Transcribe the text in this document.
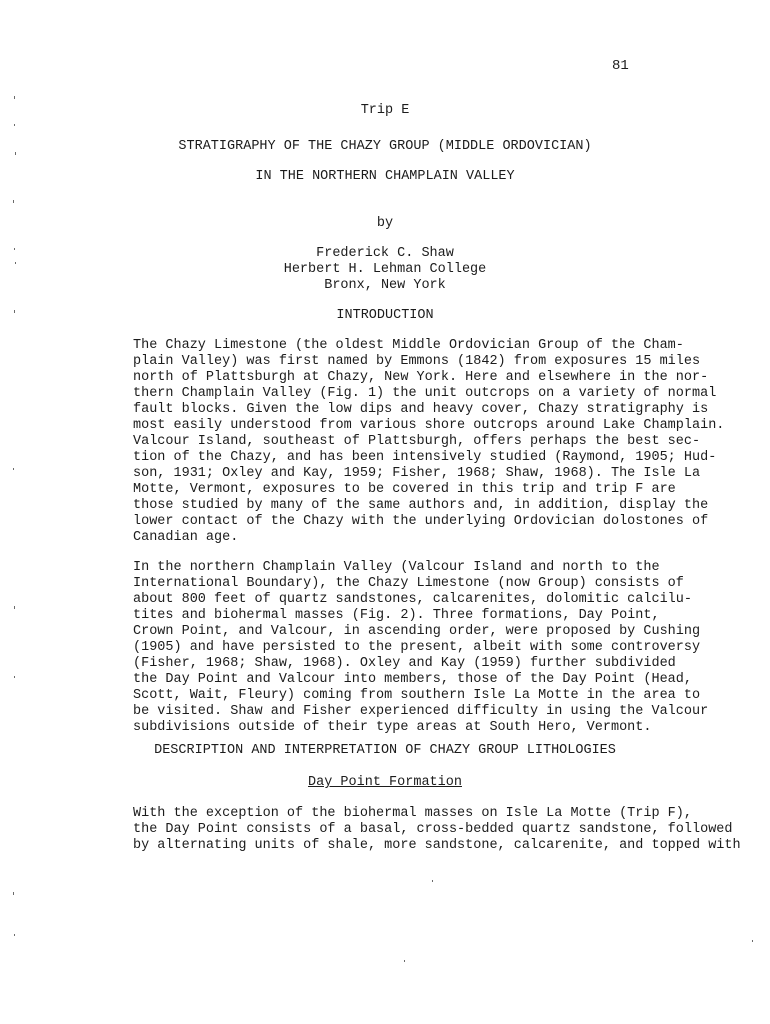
81
Trip E
STRATIGRAPHY OF THE CHAZY GROUP (MIDDLE ORDOVICIAN)
IN THE NORTHERN CHAMPLAIN VALLEY
by
Frederick C. Shaw
Herbert H. Lehman College
Bronx, New York
INTRODUCTION
The Chazy Limestone (the oldest Middle Ordovician Group of the Cham-
plain Valley) was first named by Emmons (1842) from exposures 15 miles
north of Plattsburgh at Chazy, New York. Here and elsewhere in the nor-
thern Champlain Valley (Fig. 1) the unit outcrops on a variety of normal
fault blocks. Given the low dips and heavy cover, Chazy stratigraphy is
most easily understood from various shore outcrops around Lake Champlain.
Valcour Island, southeast of Plattsburgh, offers perhaps the best sec-
tion of the Chazy, and has been intensively studied (Raymond, 1905; Hud-
son, 1931; Oxley and Kay, 1959; Fisher, 1968; Shaw, 1968). The Isle La
Motte, Vermont, exposures to be covered in this trip and trip F are
those studied by many of the same authors and, in addition, display the
lower contact of the Chazy with the underlying Ordovician dolostones of
Canadian age.
In the northern Champlain Valley (Valcour Island and north to the
International Boundary), the Chazy Limestone (now Group) consists of
about 800 feet of quartz sandstones, calcarenites, dolomitic calcilu-
tites and biohermal masses (Fig. 2). Three formations, Day Point,
Crown Point, and Valcour, in ascending order, were proposed by Cushing
(1905) and have persisted to the present, albeit with some controversy
(Fisher, 1968; Shaw, 1968). Oxley and Kay (1959) further subdivided
the Day Point and Valcour into members, those of the Day Point (Head,
Scott, Wait, Fleury) coming from southern Isle La Motte in the area to
be visited. Shaw and Fisher experienced difficulty in using the Valcour
subdivisions outside of their type areas at South Hero, Vermont.
DESCRIPTION AND INTERPRETATION OF CHAZY GROUP LITHOLOGIES
Day Point Formation
With the exception of the biohermal masses on Isle La Motte (Trip F),
the Day Point consists of a basal, cross-bedded quartz sandstone, followed
by alternating units of shale, more sandstone, calcarenite, and topped with
